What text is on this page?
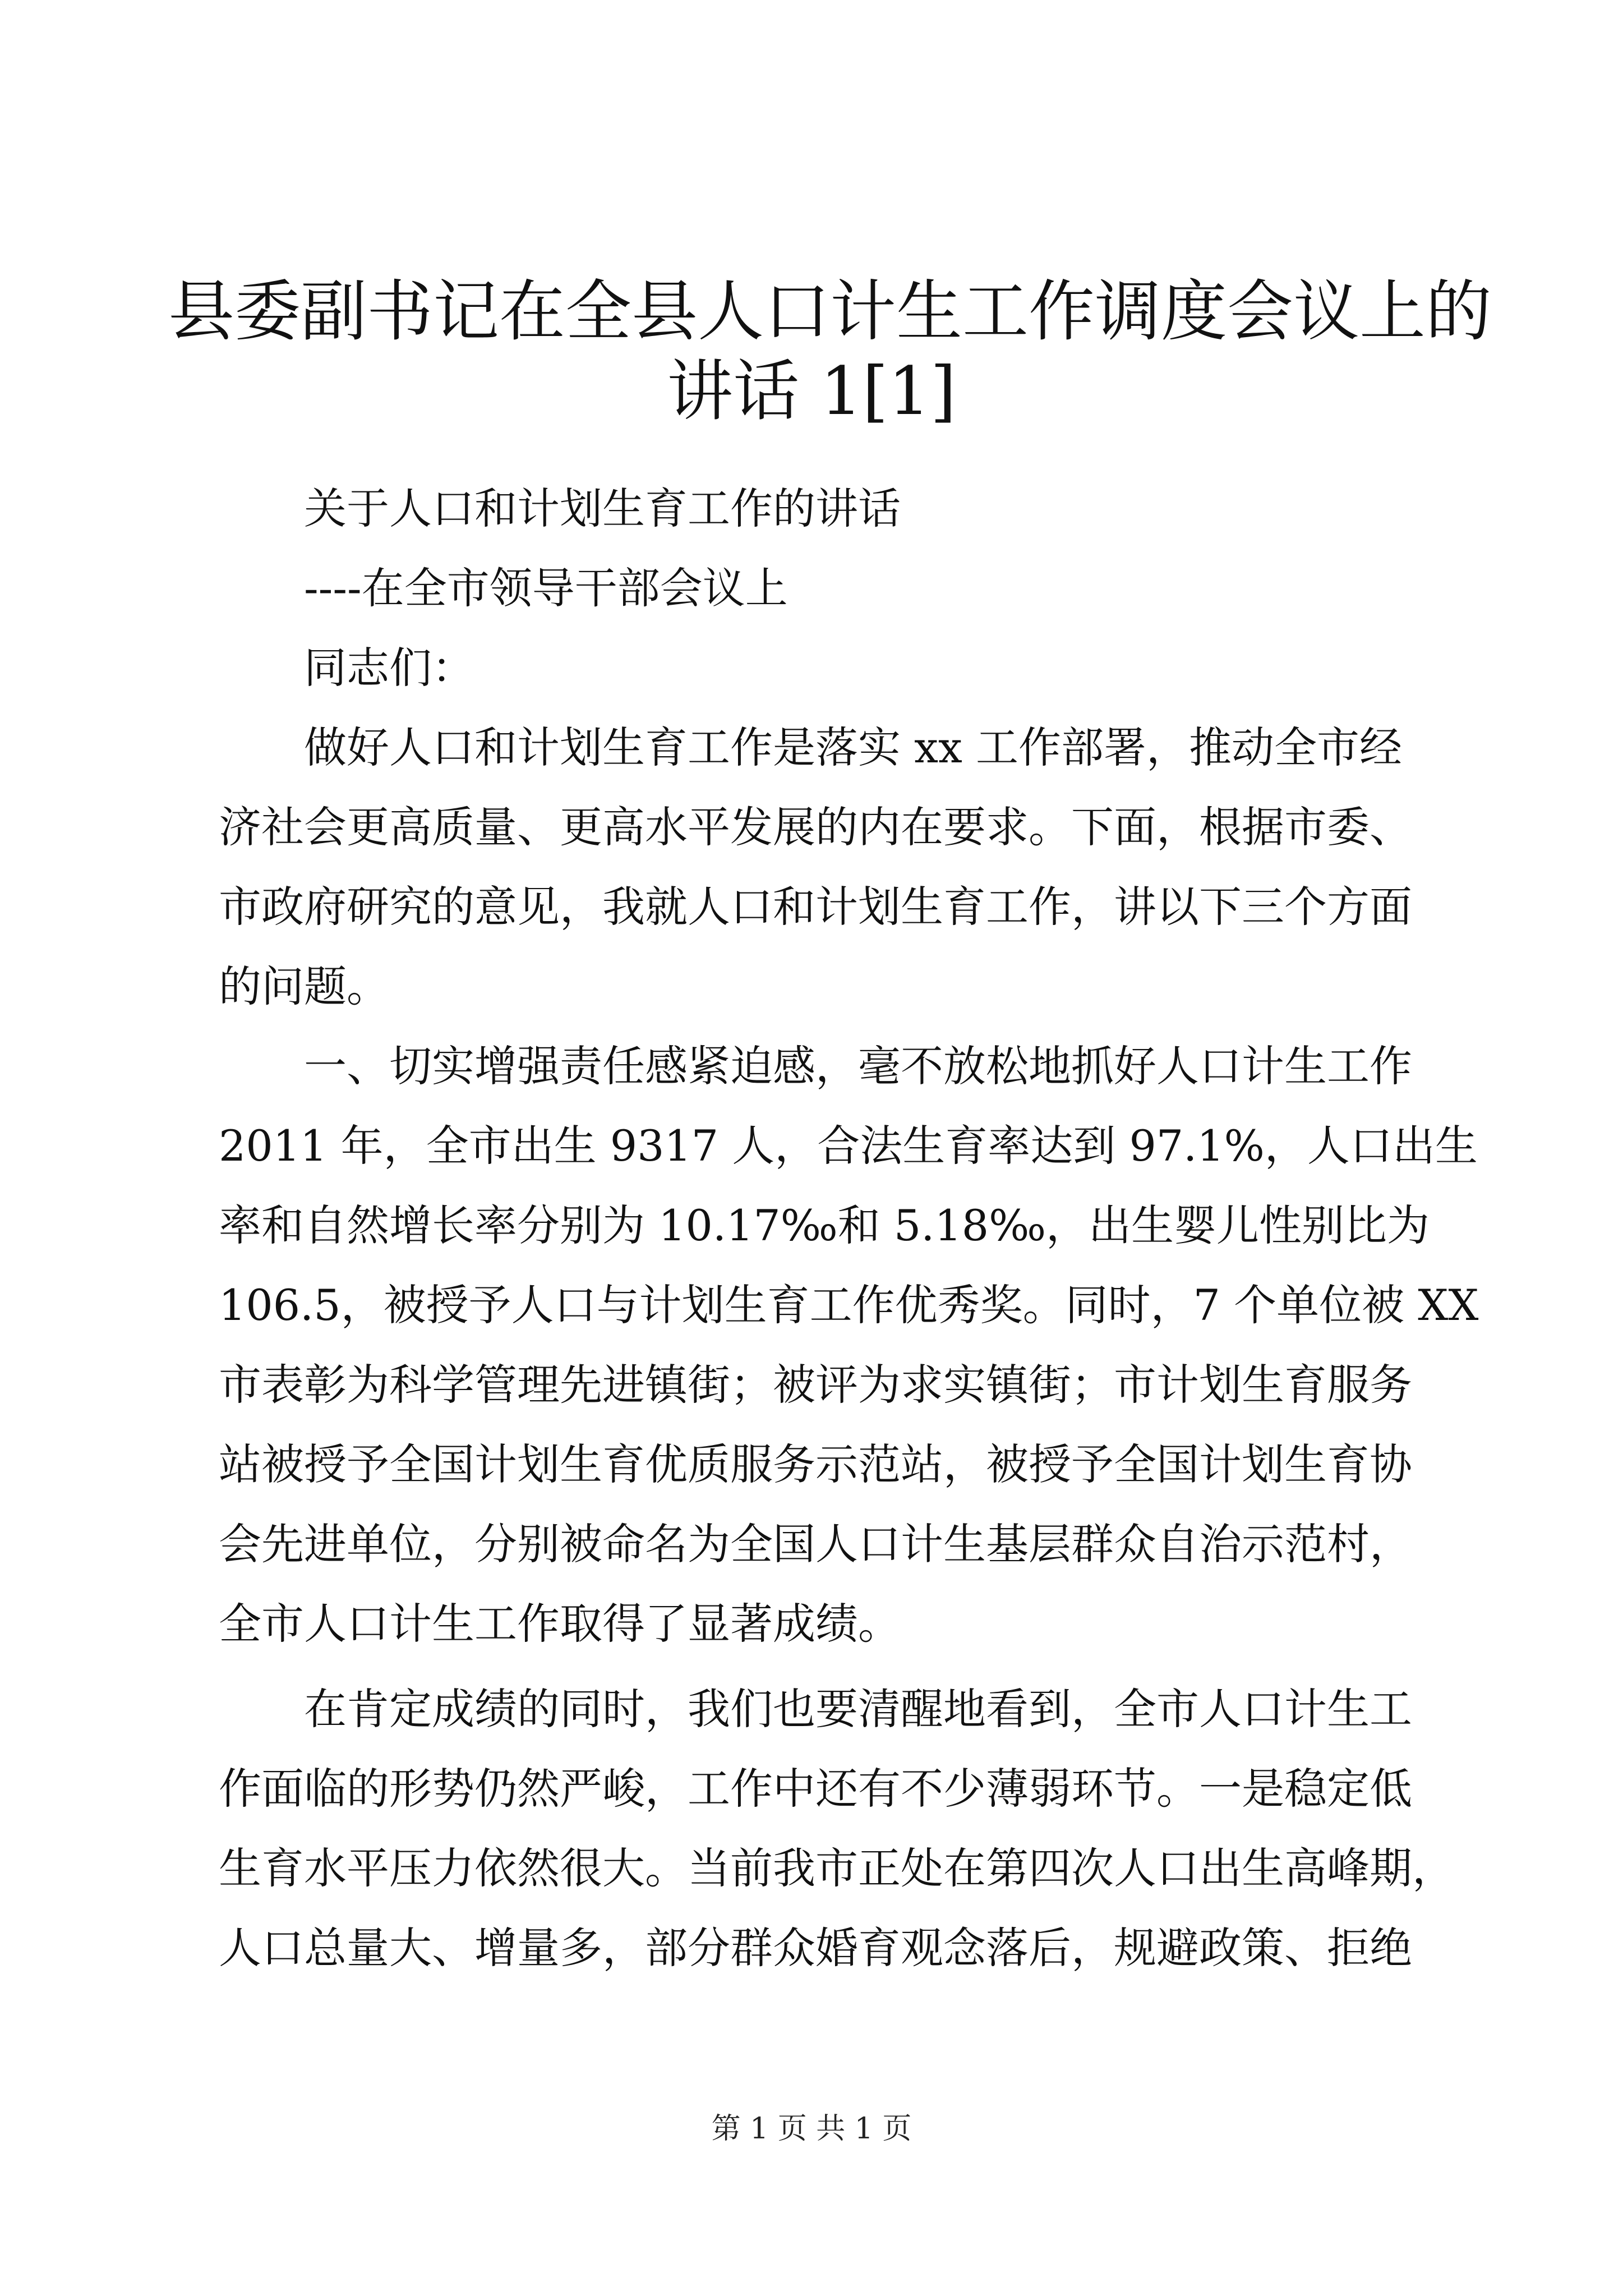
县委副书记在全县人口计生工作调度会议上的
讲话 1[1]
关于人口和计划生育工作的讲话
----在全市领导干部会议上
同志们：
做好人口和计划生育工作是落实 xx 工作部署，推动全市经
济社会更高质量、更高水平发展的内在要求。下面，根据市委、
市政府研究的意见，我就人口和计划生育工作，讲以下三个方面
的问题。
一、切实增强责任感紧迫感，毫不放松地抓好人口计生工作
2011 年，全市出生 9317 人，合法生育率达到 97.1%，人口出生
率和自然增长率分别为 10.17‰和 5.18‰，出生婴儿性别比为
106.5，被授予人口与计划生育工作优秀奖。同时，7 个单位被 XX
市表彰为科学管理先进镇街；被评为求实镇街；市计划生育服务
站被授予全国计划生育优质服务示范站，被授予全国计划生育协
会先进单位，分别被命名为全国人口计生基层群众自治示范村，
全市人口计生工作取得了显著成绩。
在肯定成绩的同时，我们也要清醒地看到，全市人口计生工
作面临的形势仍然严峻，工作中还有不少薄弱环节。一是稳定低
生育水平压力依然很大。当前我市正处在第四次人口出生高峰期，
人口总量大、增量多，部分群众婚育观念落后，规避政策、拒绝
第 1 页 共 1 页
